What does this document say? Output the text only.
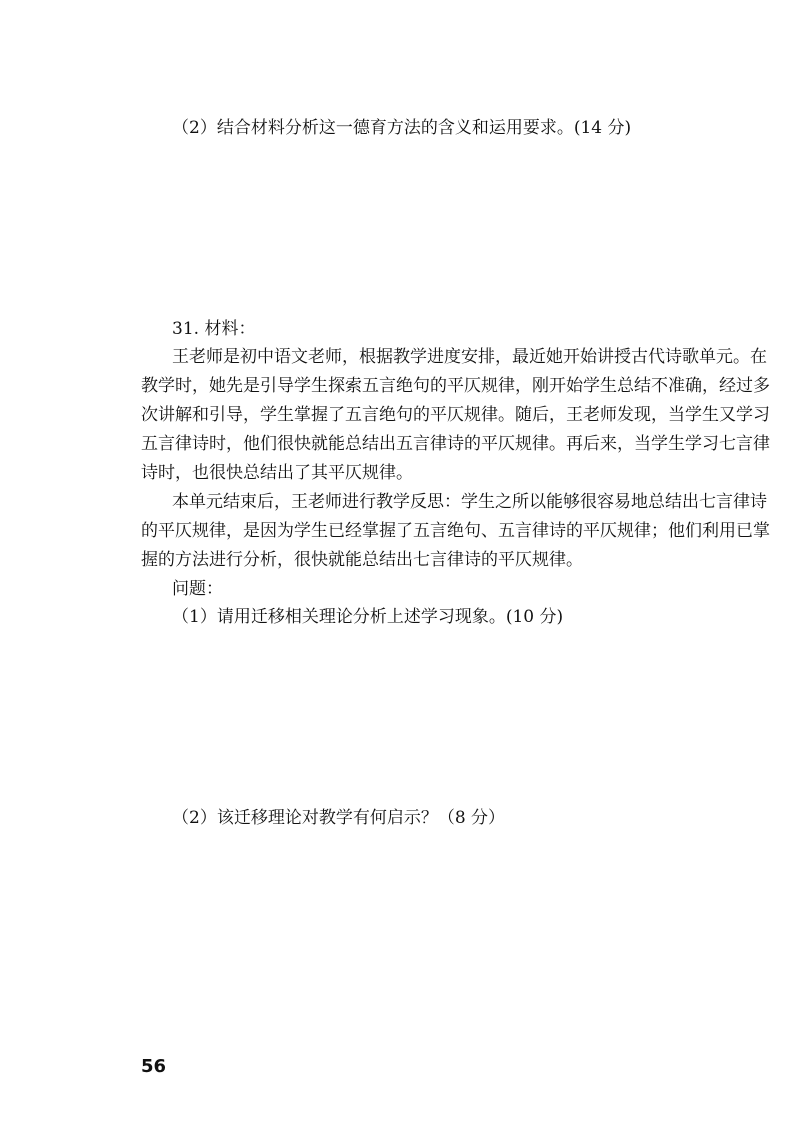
（2）结合材料分析这一德育方法的含义和运用要求。(14 分)
31. 材料：
王老师是初中语文老师，根据教学进度安排，最近她开始讲授古代诗歌单元。在
教学时，她先是引导学生探索五言绝句的平仄规律，刚开始学生总结不准确，经过多
次讲解和引导，学生掌握了五言绝句的平仄规律。随后，王老师发现，当学生又学习
五言律诗时，他们很快就能总结出五言律诗的平仄规律。再后来，当学生学习七言律
诗时，也很快总结出了其平仄规律。
本单元结束后，王老师进行教学反思：学生之所以能够很容易地总结出七言律诗
的平仄规律，是因为学生已经掌握了五言绝句、五言律诗的平仄规律；他们利用已掌
握的方法进行分析，很快就能总结出七言律诗的平仄规律。
问题：
（1）请用迁移相关理论分析上述学习现象。(10 分)
（2）该迁移理论对教学有何启示？（8 分）
56
